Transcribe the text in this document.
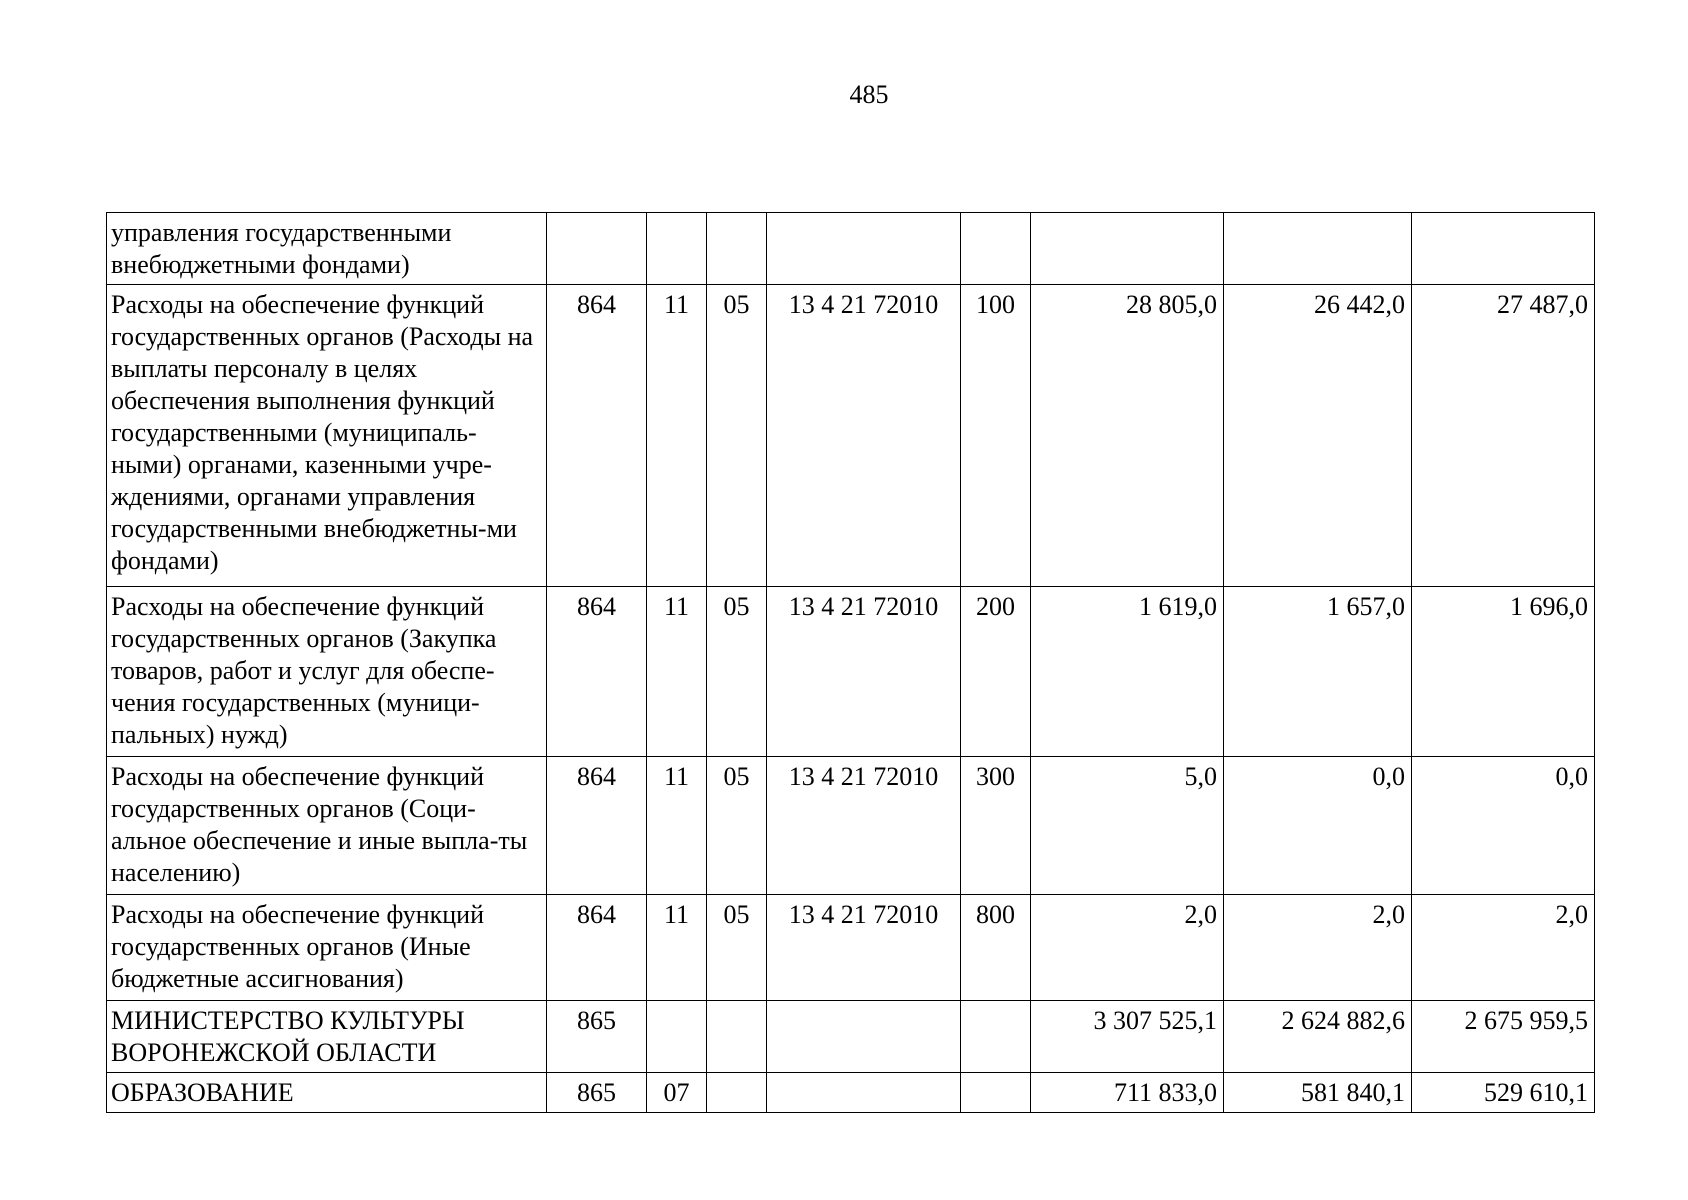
485
управления государственными внебюджетными фондами)								
Расходы на обеспечение функций государственных органов (Расходы на выплаты персоналу в целях обеспечения выполнения функций государственными (муниципаль-ными) органами, казенными учре-ждениями, органами управления государственными внебюджетны-ми фондами)	864	11	05	13 4 21 72010	100	28 805,0	26 442,0	27 487,0
Расходы на обеспечение функций государственных органов (Закупка товаров, работ и услуг для обеспе-чения государственных (муници-пальных) нужд)	864	11	05	13 4 21 72010	200	1 619,0	1 657,0	1 696,0
Расходы на обеспечение функций государственных органов (Соци-альное обеспечение и иные выпла-ты населению)	864	11	05	13 4 21 72010	300	5,0	0,0	0,0
Расходы на обеспечение функций государственных органов (Иные бюджетные ассигнования)	864	11	05	13 4 21 72010	800	2,0	2,0	2,0
МИНИСТЕРСТВО КУЛЬТУРЫ ВОРОНЕЖСКОЙ ОБЛАСТИ	865					3 307 525,1	2 624 882,6	2 675 959,5
ОБРАЗОВАНИЕ	865	07				711 833,0	581 840,1	529 610,1
